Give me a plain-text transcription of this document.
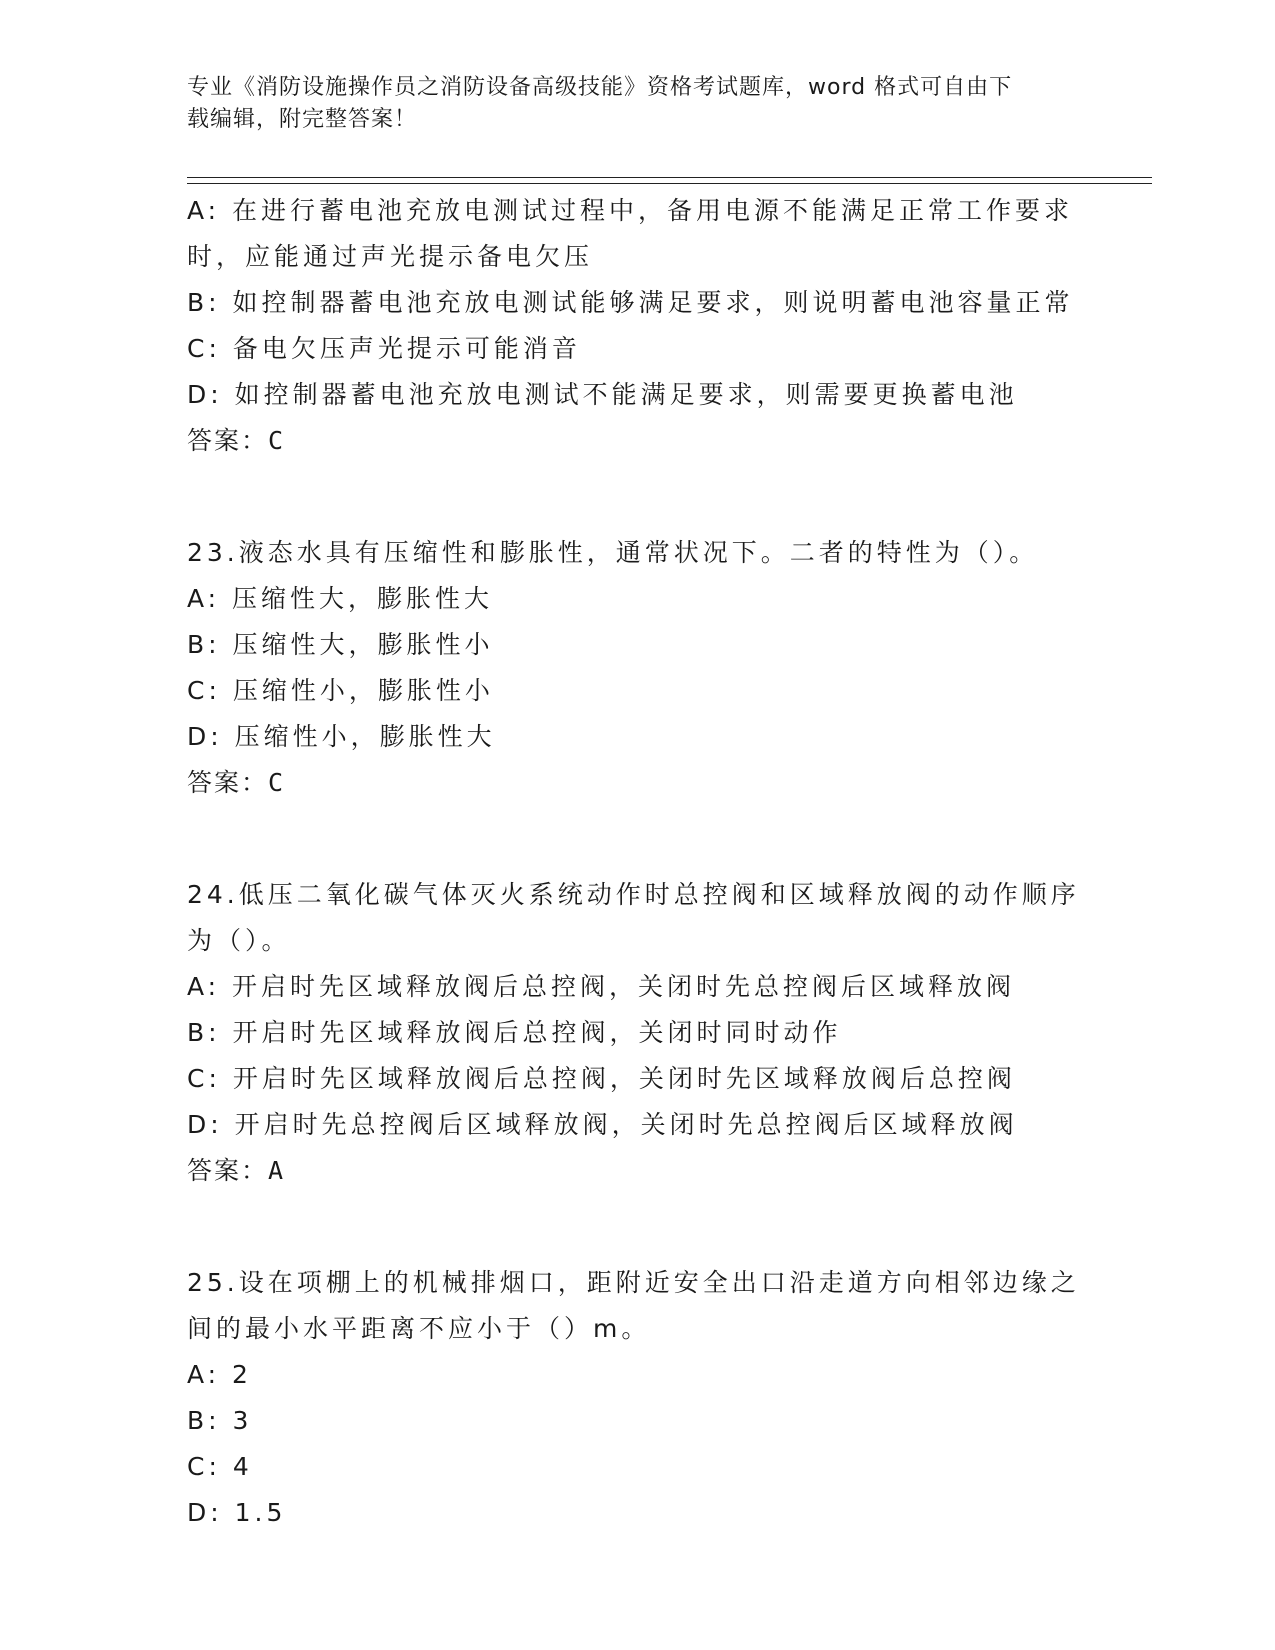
专业《消防设施操作员之消防设备高级技能》资格考试题库，word 格式可自由下
载编辑，附完整答案！
A: 在进行蓄电池充放电测试过程中，备用电源不能满足正常工作要求
时，应能通过声光提示备电欠压
B: 如控制器蓄电池充放电测试能够满足要求，则说明蓄电池容量正常
C: 备电欠压声光提示可能消音
D: 如控制器蓄电池充放电测试不能满足要求，则需要更换蓄电池
答案：C
23.液态水具有压缩性和膨胀性，通常状况下。二者的特性为（）。
A: 压缩性大，膨胀性大
B: 压缩性大，膨胀性小
C: 压缩性小，膨胀性小
D: 压缩性小，膨胀性大
答案：C
24.低压二氧化碳气体灭火系统动作时总控阀和区域释放阀的动作顺序
为（）。
A: 开启时先区域释放阀后总控阀，关闭时先总控阀后区域释放阀
B: 开启时先区域释放阀后总控阀，关闭时同时动作
C: 开启时先区域释放阀后总控阀，关闭时先区域释放阀后总控阀
D: 开启时先总控阀后区域释放阀，关闭时先总控阀后区域释放阀
答案：A
25.设在项棚上的机械排烟口，距附近安全出口沿走道方向相邻边缘之
间的最小水平距离不应小于（）m。
A: 2
B: 3
C: 4
D: 1.5
